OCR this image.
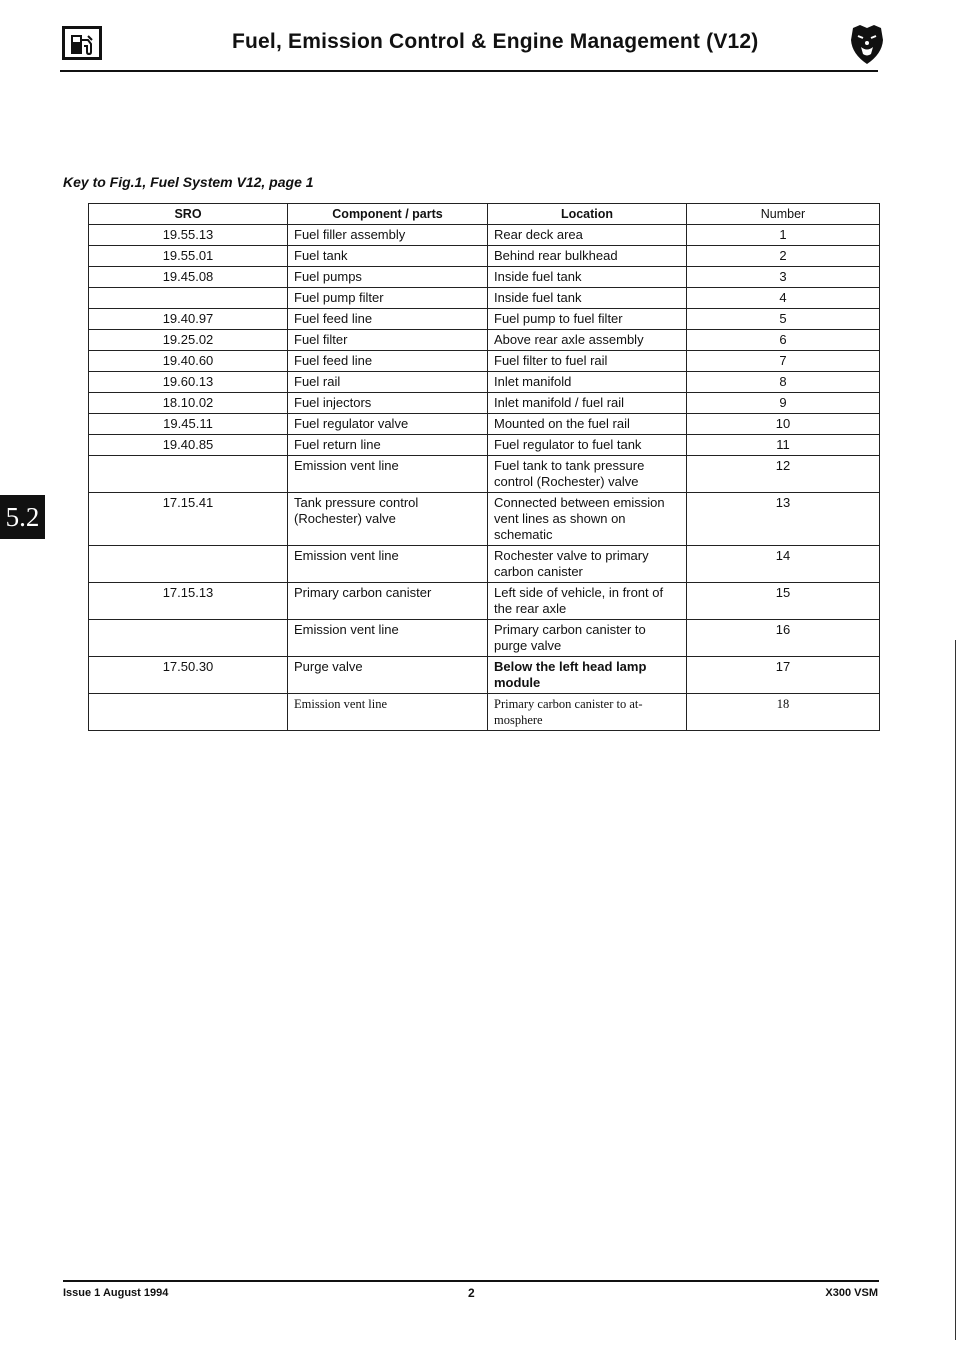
Fuel, Emission Control & Engine Management (V12)
5.2
Key to Fig.1, Fuel System V12, page 1
SRO	Component / parts	Location	Number
19.55.13	Fuel filler assembly	Rear deck area	1
19.55.01	Fuel tank	Behind rear bulkhead	2
19.45.08	Fuel pumps	Inside fuel tank	3
	Fuel pump filter	Inside fuel tank	4
19.40.97	Fuel feed line	Fuel pump to fuel filter	5
19.25.02	Fuel filter	Above rear axle assembly	6
19.40.60	Fuel feed line	Fuel filter to fuel rail	7
19.60.13	Fuel rail	Inlet manifold	8
18.10.02	Fuel injectors	Inlet manifold / fuel rail	9
19.45.11	Fuel regulator valve	Mounted on the fuel rail	10
19.40.85	Fuel return line	Fuel regulator to fuel tank	11
	Emission vent line	Fuel tank to tank pressure control (Rochester) valve	12
17.15.41	Tank pressure control (Rochester) valve	Connected between emission vent lines as shown on schematic	13
	Emission vent line	Rochester valve to primary carbon canister	14
17.15.13	Primary carbon canister	Left side of vehicle, in front of the rear axle	15
	Emission vent line	Primary carbon canister to purge valve	16
17.50.30	Purge valve	Below the left head lamp module	17
	Emission vent line	Primary carbon canister to at-mosphere	18
Issue 1 August 1994	2	X300 VSM
